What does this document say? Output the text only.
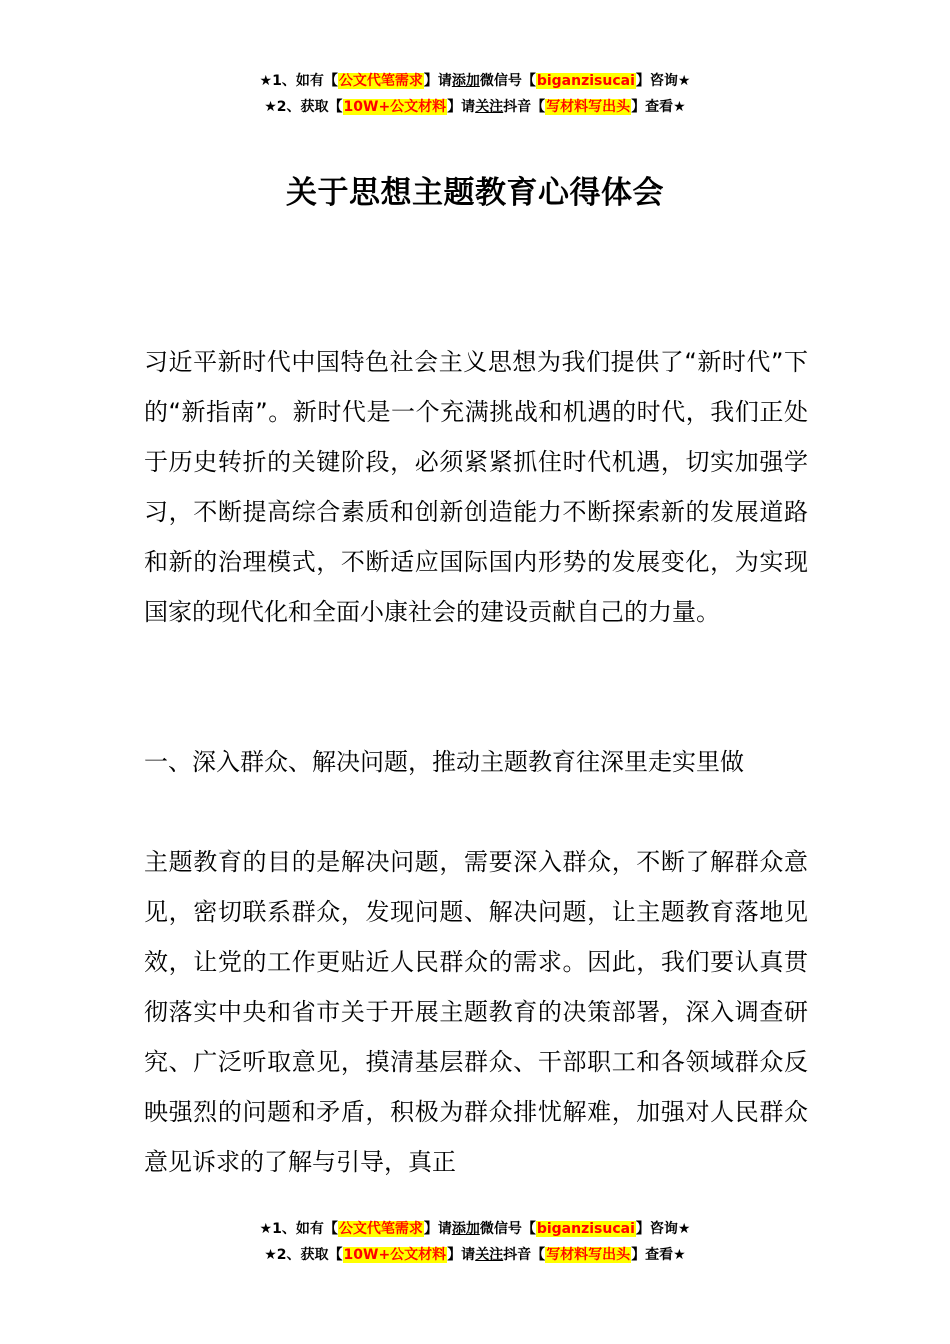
★1、如有【公文代笔需求】请添加微信号【biganzisucai】咨询★
★2、获取【10W+公文材料】请关注抖音【写材料写出头】查看★
关于思想主题教育心得体会

习近平新时代中国特色社会主义思想为我们提供了“新时代”下的“新指南”。新时代是一个充满挑战和机遇的时代，我们正处于历史转折的关键阶段，必须紧紧抓住时代机遇，切实加强学习，不断提高综合素质和创新创造能力不断探索新的发展道路和新的治理模式，不断适应国际国内形势的发展变化，为实现国家的现代化和全面小康社会的建设贡献自己的力量。

一、深入群众、解决问题，推动主题教育往深里走实里做

主题教育的目的是解决问题，需要深入群众，不断了解群众意见，密切联系群众，发现问题、解决问题，让主题教育落地见效，让党的工作更贴近人民群众的需求。因此，我们要认真贯彻落实中央和省市关于开展主题教育的决策部署，深入调查研究、广泛听取意见，摸清基层群众、干部职工和各领域群众反映强烈的问题和矛盾，积极为群众排忧解难，加强对人民群众意见诉求的了解与引导，真正

★1、如有【公文代笔需求】请添加微信号【biganzisucai】咨询★
★2、获取【10W+公文材料】请关注抖音【写材料写出头】查看★
